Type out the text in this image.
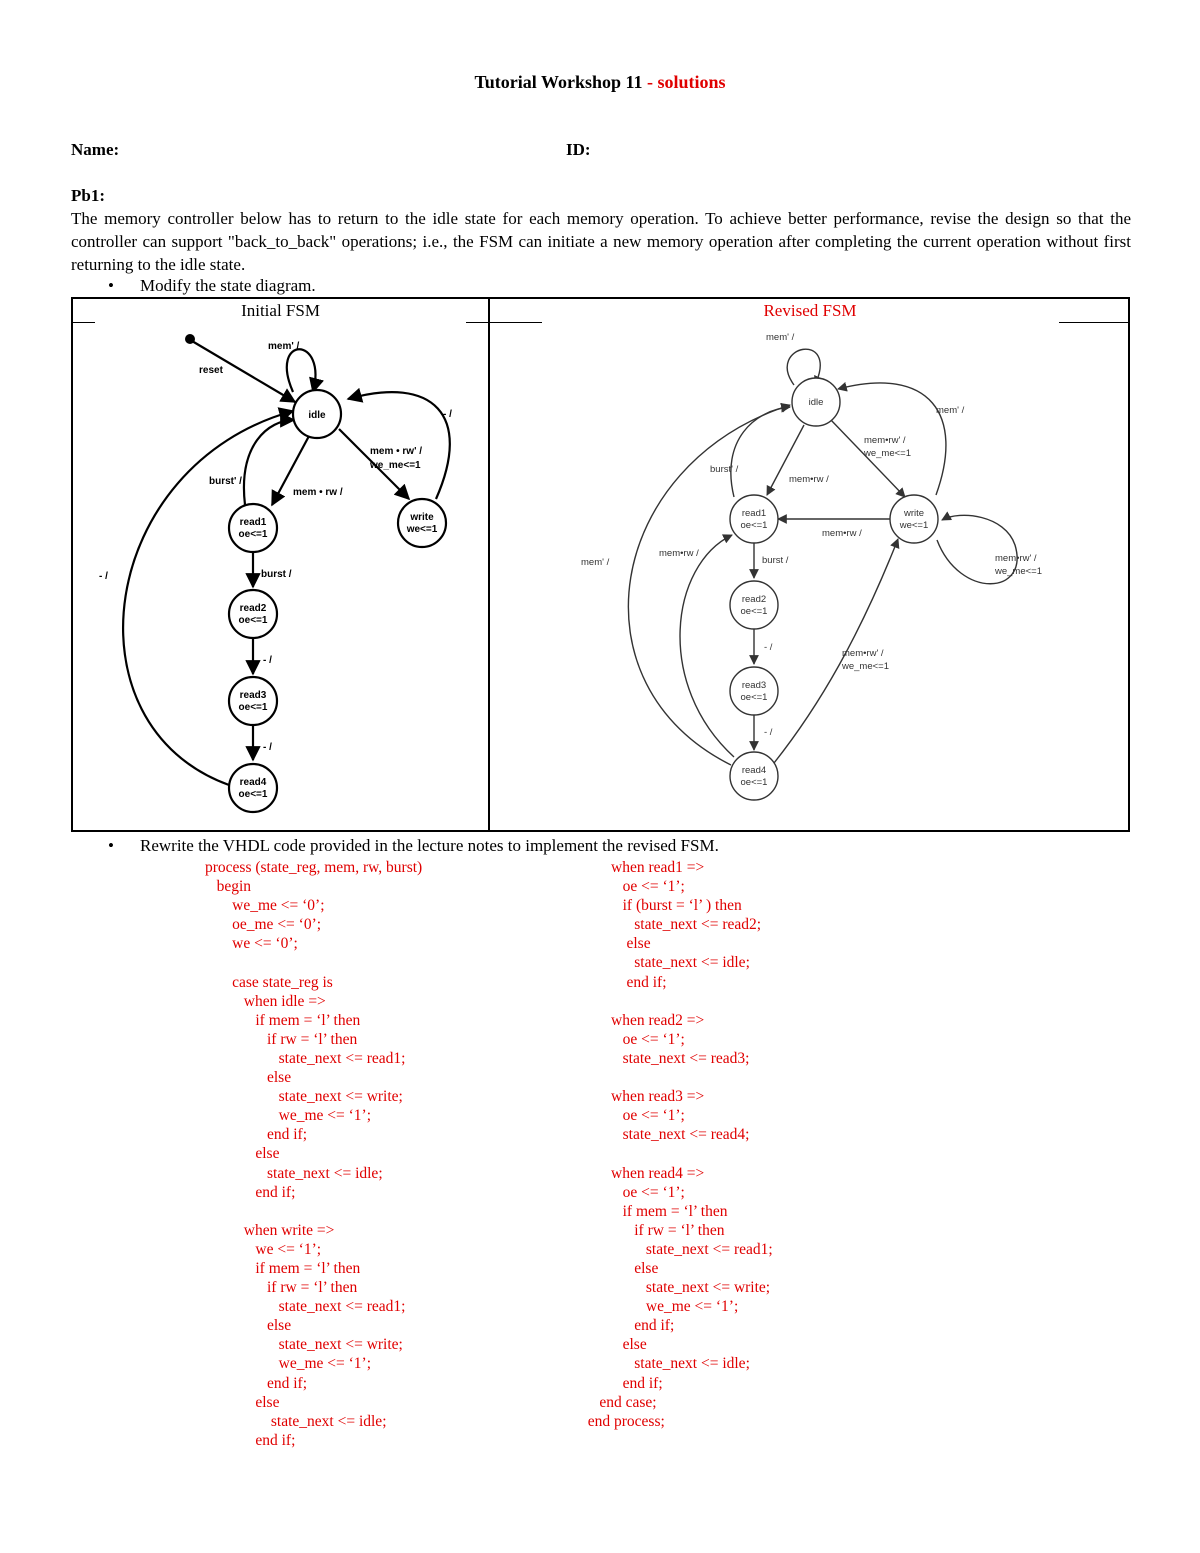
Tutorial Workshop 11 - solutions
Name:	ID:
Pb1:
The memory controller below has to return to the idle state for each memory operation. To achieve better performance, revise the design so that the controller can support "back_to_back" operations; i.e., the FSM can initiate a new memory operation after completing the current operation without first returning to the idle state.
• Modify the state diagram.
Initial FSM	Revised FSM
idle
read1
oe<=1
read2
oe<=1
read3
oe<=1
read4
oe<=1
write
we<=1
reset
mem' /
- /
mem • rw' /
we_me<=1
mem • rw /
burst' /
burst /
- /
- /
- /
idle
read1
oe<=1
read2
oe<=1
read3
oe<=1
read4
oe<=1
write
we<=1
mem' /
mem' /
mem•rw' /
we_me<=1
burst' /
mem•rw /
mem•rw /
mem•rw' /
we_me<=1
mem' /
mem•rw /
burst /
- /
mem•rw' /
we_me<=1
- /
• Rewrite the VHDL code provided in the lecture notes to implement the revised FSM.
process (state_reg, mem, rw, burst)
begin
we_me <= ‘0’;
oe_me <= ‘0’;
we <= ‘0’;

case state_reg is
when idle =>
if mem = ‘l’ then
if rw = ‘l’ then
state_next <= read1;
else
state_next <= write;
we_me <= ‘1’;
end if;
else
state_next <= idle;
end if;

when write =>
we <= ‘1’;
if mem = ‘l’ then
if rw = ‘l’ then
state_next <= read1;
else
state_next <= write;
we_me <= ‘1’;
end if;
else
state_next <= idle;
end if;
when read1 =>
oe <= ‘1’;
if (burst = ‘l’ ) then
state_next <= read2;
else
state_next <= idle;
end if;

when read2 =>
oe <= ‘1’;
state_next <= read3;

when read3 =>
oe <= ‘1’;
state_next <= read4;

when read4 =>
oe <= ‘1’;
if mem = ‘l’ then
if rw = ‘l’ then
state_next <= read1;
else
state_next <= write;
we_me <= ‘1’;
end if;
else
state_next <= idle;
end if;
end case;
end process;
